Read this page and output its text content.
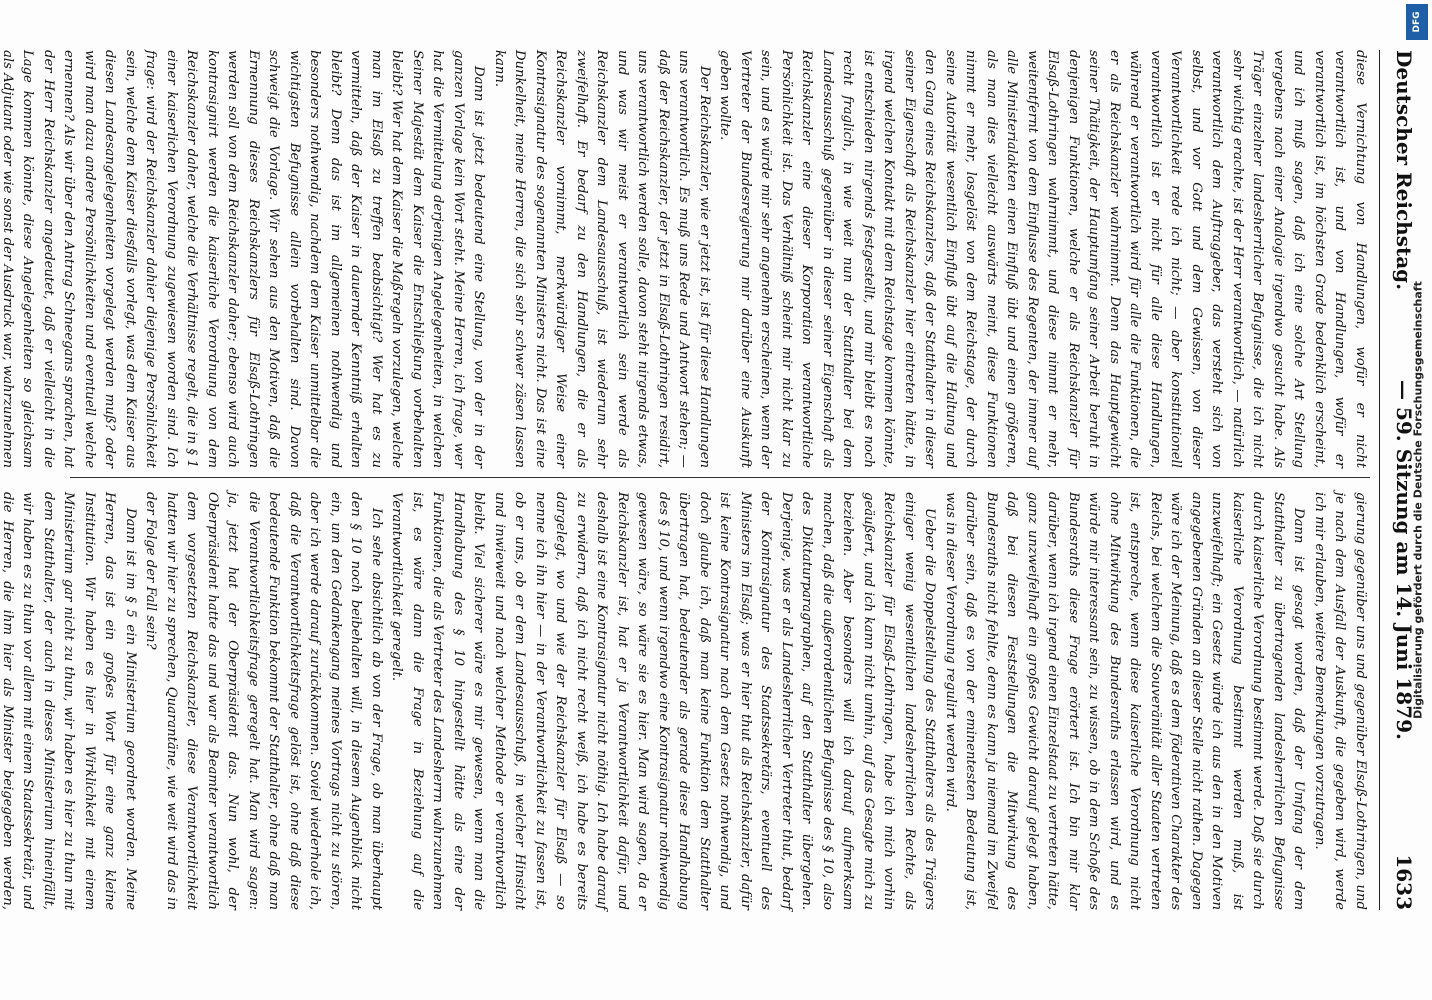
Deutscher Reichstag.
— 59. Sitzung am 14. Juni 1879.
1633

diese Vernichtung von Handlungen, wofür er nicht verantwortlich ist, und von Handlungen, wofür er verantwortlich ist, im höchsten Grade bedenklich erscheint, und ich muß sagen, daß ich eine solche Art Stellung vergebens nach einer Analogie irgendwo gesucht habe. Als Träger einzelner landesherrlicher Befugnisse, die ich nicht sehr wichtig erachte, ist der Herr verantwortlich, — natürlich verantwortlich dem Auftraggeber, das versteht sich von selbst, und vor Gott und dem Gewissen, von dieser Verantwortlichkeit rede ich nicht; — aber konstitutionell verantwortlich ist er nicht für alle diese Handlungen, während er verantwortlich wird für alle die Funktionen, die er als Reichskanzler wahrnimmt. Denn das Hauptgewicht seiner Thätigkeit, der Hauptumfang seiner Arbeit beruht in denjenigen Funktionen, welche er als Reichskanzler für Elsaß-Lothringen wahrnimmt, und diese nimmt er mehr, weitentfernt von dem Einflusse des Regenten, der immer auf alle Ministerialakten einen Einfluß übt und einen größeren, als man dies vielleicht auswärts meint, diese Funktionen nimmt er mehr, losgelöst von dem Reichstage, der durch seine Autorität wesentlich Einfluß übt auf die Haltung und den Gang eines Reichskanzlers, daß der Statthalter in dieser seiner Eigenschaft als Reichskanzler hier eintreten hätte, in irgend welchen Kontakt mit dem Reichstage kommen könnte, ist entschieden nirgends festgestellt, und mir bleibt es noch recht fraglich, in wie weit nun der Statthalter bei dem Landesausschuß gegenüber in dieser seiner Eigenschaft als Reichskanzler eine dieser Korporation verantwortliche Persönlichkeit ist. Das Verhältniß scheint mir nicht klar zu sein, und es würde mir sehr angenehm erscheinen, wenn der Vertreter der Bundesregierung mir darüber eine Auskunft geben wollte.

Der Reichskanzler, wie er jetzt ist, ist für diese Handlungen uns verantwortlich. Es muß uns Rede und Antwort stehen; — daß der Reichskanzler, der jetzt in Elsaß-Lothringen residirt, uns verantwortlich werden solle, davon steht nirgends etwas, und was wir meist er verantwortlich sein werde als Reichskanzler dem Landesausschuß, ist wiederum sehr zweifelhaft. Er bedarf zu den Handlungen, die er als Reichskanzler vornimmt, merkwürdiger Weise einer Kontrasignatur des sogenannten Ministers nicht. Das ist eine Dunkelheit, meine Herren, die sich sehr schwer zäsen lassen kann.

Dann ist jetzt bedeutend eine Stellung, von der in der ganzen Vorlage kein Wort steht. Meine Herren, ich frage, wer hat die Vermittelung derjenigen Angelegenheiten, in welchen Seiner Majestät dem Kaiser die Entschließung vorbehalten bleibt? Wer hat dem Kaiser die Maßregeln vorzulegen, welche man im Elsaß zu treffen beabsichtigt? Wer hat es zu vermitteln, daß der Kaiser in dauernder Kenntniß erhalten bleibt? Denn das ist im allgemeinen nothwendig und besonders nothwendig, nachdem dem Kaiser unmittelbar die wichtigsten Befugnisse allein vorbehalten sind. Davon schweigt die Vorlage. Wir sehen aus den Motiven, daß die Ernennung dieses Reichskanzlers für Elsaß-Lothringen werden soll von dem Reichskanzler daher; ebenso wird auch kontrasignirt werden die kaiserliche Verordnung von dem Reichskanzler daher, welche die Verhältnisse regelt, die in § 1 einer kaiserlichen Verordnung zugewiesen worden sind. Ich frage: wird der Reichskanzler dahier diejenige Persönlichkeit sein, welche dem Kaiser diesfalls vorlegt, was dem Kaiser aus diesen Landesangelegenheiten vorgelegt werden muß? oder wird man dazu andere Persönlichkeiten und eventuell welche ernennen? Als wir über den Antrag Schneegans sprachen, hat der Herr Reichskanzler angedeutet, daß er vielleicht in die Lage kommen könnte, diese Angelegenheiten so gleichsam als Adjutant oder wie sonst der Ausdruck war, wahrzunehmen

gierung gegenüber uns und gegenüber Elsaß-Lothringen, und je nach dem Ausfall der Auskunft, die gegeben wird, werde ich mir erlauben, weitere Bemerkungen vorzutragen.

Dann ist gesagt worden, daß der Umfang der dem Statthalter zu übertragenden landesherrlichen Befugnisse durch kaiserliche Verordnung bestimmt werde. Daß sie durch kaiserliche Verordnung bestimmt werden muß, ist unzweifelhaft; ein Gesetz würde ich aus den in den Motiven angegebenen Gründen an dieser Stelle nicht rathen. Dagegen wäre ich der Meinung, daß es dem föderativen Charakter des Reichs, bei welchem die Souveränität aller Staaten vertreten ist, entspreche, wenn diese kaiserliche Verordnung nicht ohne Mitwirkung des Bundesraths erlassen wird, und es würde mir interessant sein, zu wissen, ob in dem Schoße des Bundesraths diese Frage erörtert ist. Ich bin mir klar darüber, wenn ich irgend einen Einzelstaat zu vertreten hätte, ganz unzweifelhaft ein großes Gewicht darauf gelegt haben, daß bei diesen Feststellungen die Mitwirkung des Bundesraths nicht fehlte, denn es kann ja niemand im Zweifel darüber sein, daß es von der eminentesten Bedeutung ist, was in dieser Verordnung regulirt werden wird.

Ueber die Doppelstellung des Statthalters als des Trägers einiger wenig wesentlichen landesherrlichen Rechte, als Reichskanzler für Elsaß-Lothringen, habe ich mich vorhin geäußert, und ich kann nicht umhin, auf das Gesagte mich zu beziehen. Aber besonders will ich darauf aufmerksam machen, daß die außerordentlichen Befugnisse des § 10, also des Diktaturparagraphen, auf den Statthalter übergehen. Derjenige, was er als Landesherrlicher Vertreter thut, bedarf der Kontrasignatur des Staatssekretärs, eventuell des Ministers im Elsaß; was er hier thut als Reichskanzler, dafür ist keine Kontrasignatur nach dem Gesetz nothwendig, und doch glaube ich, daß man keine Funktion dem Statthalter übertragen hat, bedeutender als gerade diese Handhabung des § 10, und wenn irgendwo eine Kontrasignatur nothwendig gewesen wäre, so wäre sie es hier. Man wird sagen, da er Reichskanzler ist, hat er ja Verantwortlichkeit dafür, und deshalb ist eine Kontrasignatur nicht nöthig. Ich habe darauf zu erwidern, daß ich nicht recht weiß, ich habe es bereits dargelegt, wo und wie der Reichskanzler für Elsaß — so nenne ich ihn hier — in der Verantwortlichkeit zu fassen ist, ob er uns, ob er dem Landesausschuß, in welcher Hinsicht und inwieweit und nach welcher Methode er verantwortlich bleibt. Viel sicherer wäre es mir gewesen, wenn man die Handhabung des § 10 hingestellt hätte als eine der Funktionen, die als Vertreter des Landesherrn wahrzunehmen ist, es wäre dann die Frage in Beziehung auf die Verantwortlichkeit geregelt.

Ich sehe absichtlich ab von der Frage, ob man überhaupt den § 10 noch beibehalten will, in diesem Augenblick nicht ein, um den Gedankengang meines Vortrags nicht zu stören, aber ich werde darauf zurückkommen. Soviel wiederhole ich, daß die Verantwortlichkeitsfrage gelöst ist, ohne daß diese bedeutende Funktion bekommt der Statthalter, ohne daß man die Verantwortlichkeitsfrage geregelt hat. Man wird sagen: ja, jetzt hat der Oberpräsident das. Nun wohl, der Oberpräsident hatte das und war als Beamter verantwortlich dem vorgesetzten Reichskanzler, diese Verantwortlichkeit hatten wir hier zu sprechen, Quarantäne, wie weit wird das in der Folge der Fall sein?

Dann ist im § 5 ein Ministerium geordnet worden. Meine Herren, das ist ein großes Wort für eine ganz kleine Institution. Wir haben es hier in Wirklichkeit mit einem Ministerium gar nicht zu thun, wir haben es hier zu thun mit dem Statthalter, der auch in dieses Ministerium hineinfällt, wir haben es zu thun vor allem mit einem Staatssekretär, und die Herren, die ihm hier als Minister beigegeben werden,

DFG
Digitalisierung gefördert durch die Deutsche Forschungsgemeinschaft
